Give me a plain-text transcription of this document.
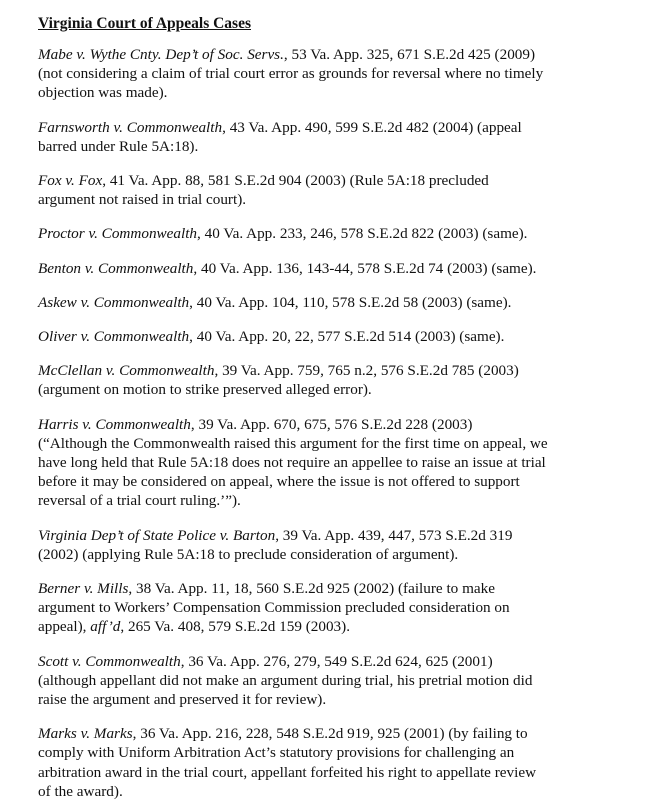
Virginia Court of Appeals Cases
Mabe v. Wythe Cnty. Dep’t of Soc. Servs., 53 Va. App. 325, 671 S.E.2d 425 (2009)
(not considering a claim of trial court error as grounds for reversal where no timely
objection was made).
Farnsworth v. Commonwealth, 43 Va. App. 490, 599 S.E.2d 482 (2004) (appeal
barred under Rule 5A:18).
Fox v. Fox, 41 Va. App. 88, 581 S.E.2d 904 (2003) (Rule 5A:18 precluded
argument not raised in trial court).
Proctor v. Commonwealth, 40 Va. App. 233, 246, 578 S.E.2d 822 (2003) (same).
Benton v. Commonwealth, 40 Va. App. 136, 143-44, 578 S.E.2d 74 (2003) (same).
Askew v. Commonwealth, 40 Va. App. 104, 110, 578 S.E.2d 58 (2003) (same).
Oliver v. Commonwealth, 40 Va. App. 20, 22, 577 S.E.2d 514 (2003) (same).
McClellan v. Commonwealth, 39 Va. App. 759, 765 n.2, 576 S.E.2d 785 (2003)
(argument on motion to strike preserved alleged error).
Harris v. Commonwealth, 39 Va. App. 670, 675, 576 S.E.2d 228 (2003)
(“Although the Commonwealth raised this argument for the first time on appeal, we
have long held that Rule 5A:18 does not require an appellee to raise an issue at trial
before it may be considered on appeal, where the issue is not offered to support
reversal of a trial court ruling.’”).
Virginia Dep’t of State Police v. Barton, 39 Va. App. 439, 447, 573 S.E.2d 319
(2002) (applying Rule 5A:18 to preclude consideration of argument).
Berner v. Mills, 38 Va. App. 11, 18, 560 S.E.2d 925 (2002) (failure to make
argument to Workers’ Compensation Commission precluded consideration on
appeal), aff’d, 265 Va. 408, 579 S.E.2d 159 (2003).
Scott v. Commonwealth, 36 Va. App. 276, 279, 549 S.E.2d 624, 625 (2001)
(although appellant did not make an argument during trial, his pretrial motion did
raise the argument and preserved it for review).
Marks v. Marks, 36 Va. App. 216, 228, 548 S.E.2d 919, 925 (2001) (by failing to
comply with Uniform Arbitration Act’s statutory provisions for challenging an
arbitration award in the trial court, appellant forfeited his right to appellate review
of the award).
